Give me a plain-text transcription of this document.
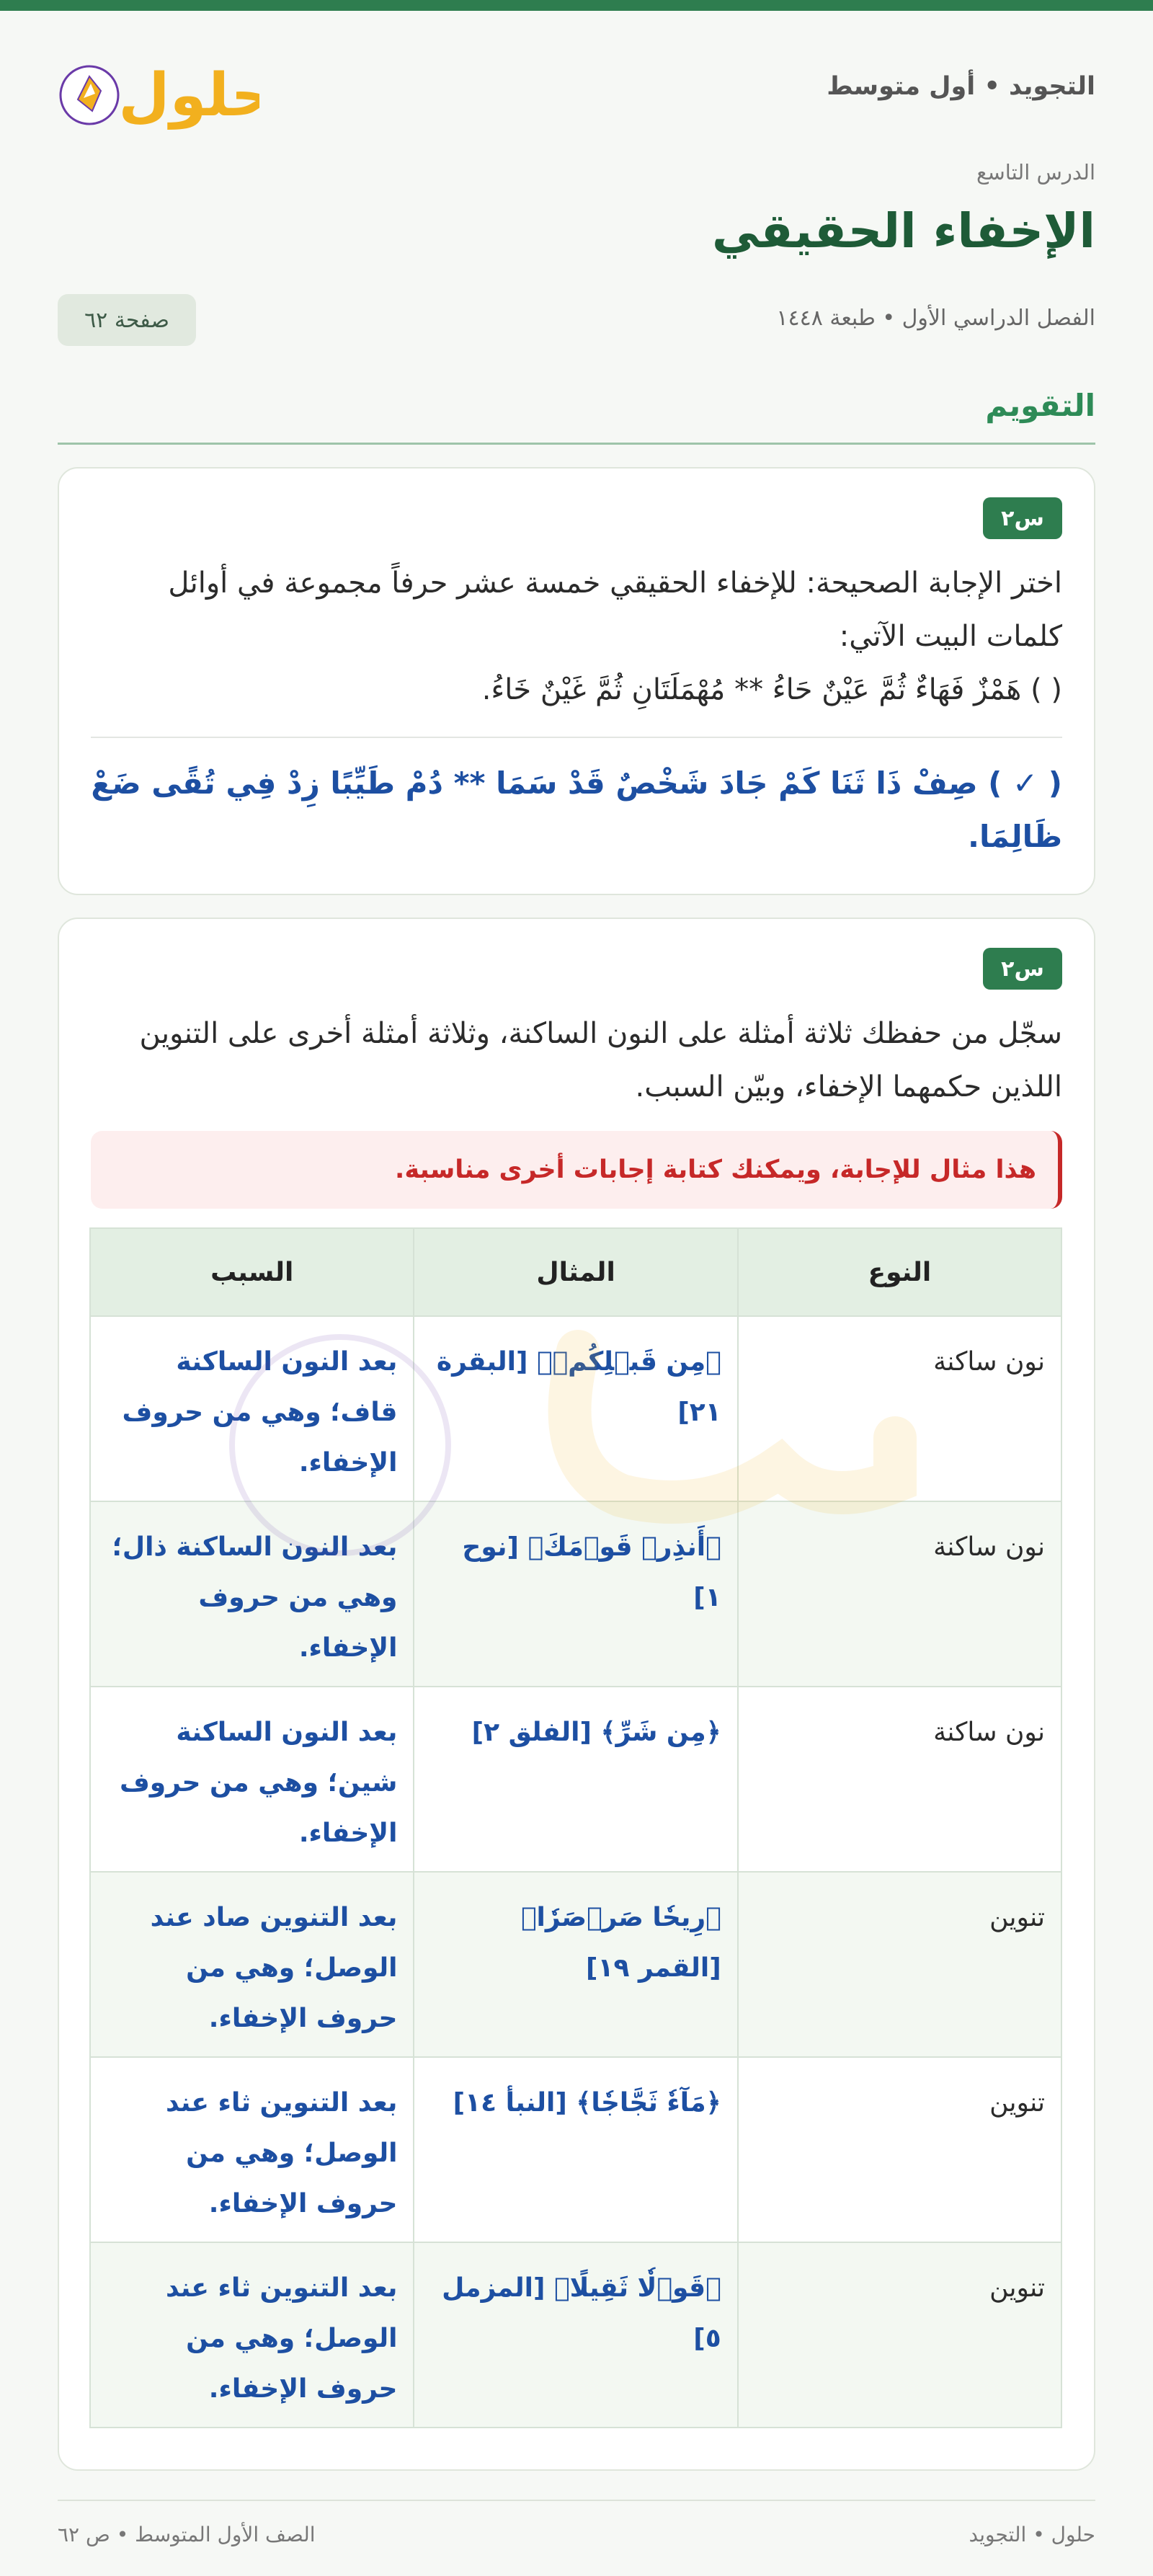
التجويد • أول متوسط
حلول
الدرس التاسع
الإخفاء الحقيقي
الفصل الدراسي الأول • طبعة ١٤٤٨
صفحة ٦٢
التقويم
س٢
اختر الإجابة الصحيحة: للإخفاء الحقيقي خمسة عشر حرفاً مجموعة في أوائل كلمات البيت الآتي:
( ) هَمْزٌ فَهَاءٌ ثُمَّ عَيْنٌ حَاءُ ** مُهْمَلَتَانِ ثُمَّ غَيْنٌ خَاءُ.
( ✓ ) صِفْ ذَا ثَنَا كَمْ جَادَ شَخْصٌ قَدْ سَمَا ** دُمْ طَيِّبًا زِدْ فِي تُقًى ضَعْ ظَالِمَا.
س٢
سجّل من حفظك ثلاثة أمثلة على النون الساكنة، وثلاثة أمثلة أخرى على التنوين اللذين حكمهما الإخفاء، وبيّن السبب.
هذا مثال للإجابة، ويمكنك كتابة إجابات أخرى مناسبة.
النوع	المثال	السبب
نون ساكنة	﴿مِن قَبۡلِكُمۡ﴾ [البقرة ٢١]	بعد النون الساكنة قاف؛ وهي من حروف الإخفاء.
نون ساكنة	﴿أَنذِرۡ قَوۡمَكَ﴾ [نوح ١]	بعد النون الساكنة ذال؛ وهي من حروف الإخفاء.
نون ساكنة	﴿مِن شَرِّ﴾ [الفلق ٢]	بعد النون الساكنة شين؛ وهي من حروف الإخفاء.
تنوين	﴿رِيحٗا صَرۡصَرٗا﴾ [القمر ١٩]	بعد التنوين صاد عند الوصل؛ وهي من حروف الإخفاء.
تنوين	﴿مَآءٗ ثَجَّاجٗا﴾ [النبأ ١٤]	بعد التنوين ثاء عند الوصل؛ وهي من حروف الإخفاء.
تنوين	﴿قَوۡلٗا ثَقِيلًا﴾ [المزمل ٥]	بعد التنوين ثاء عند الوصل؛ وهي من حروف الإخفاء.
حلول • التجويد
الصف الأول المتوسط • ص ٦٢
